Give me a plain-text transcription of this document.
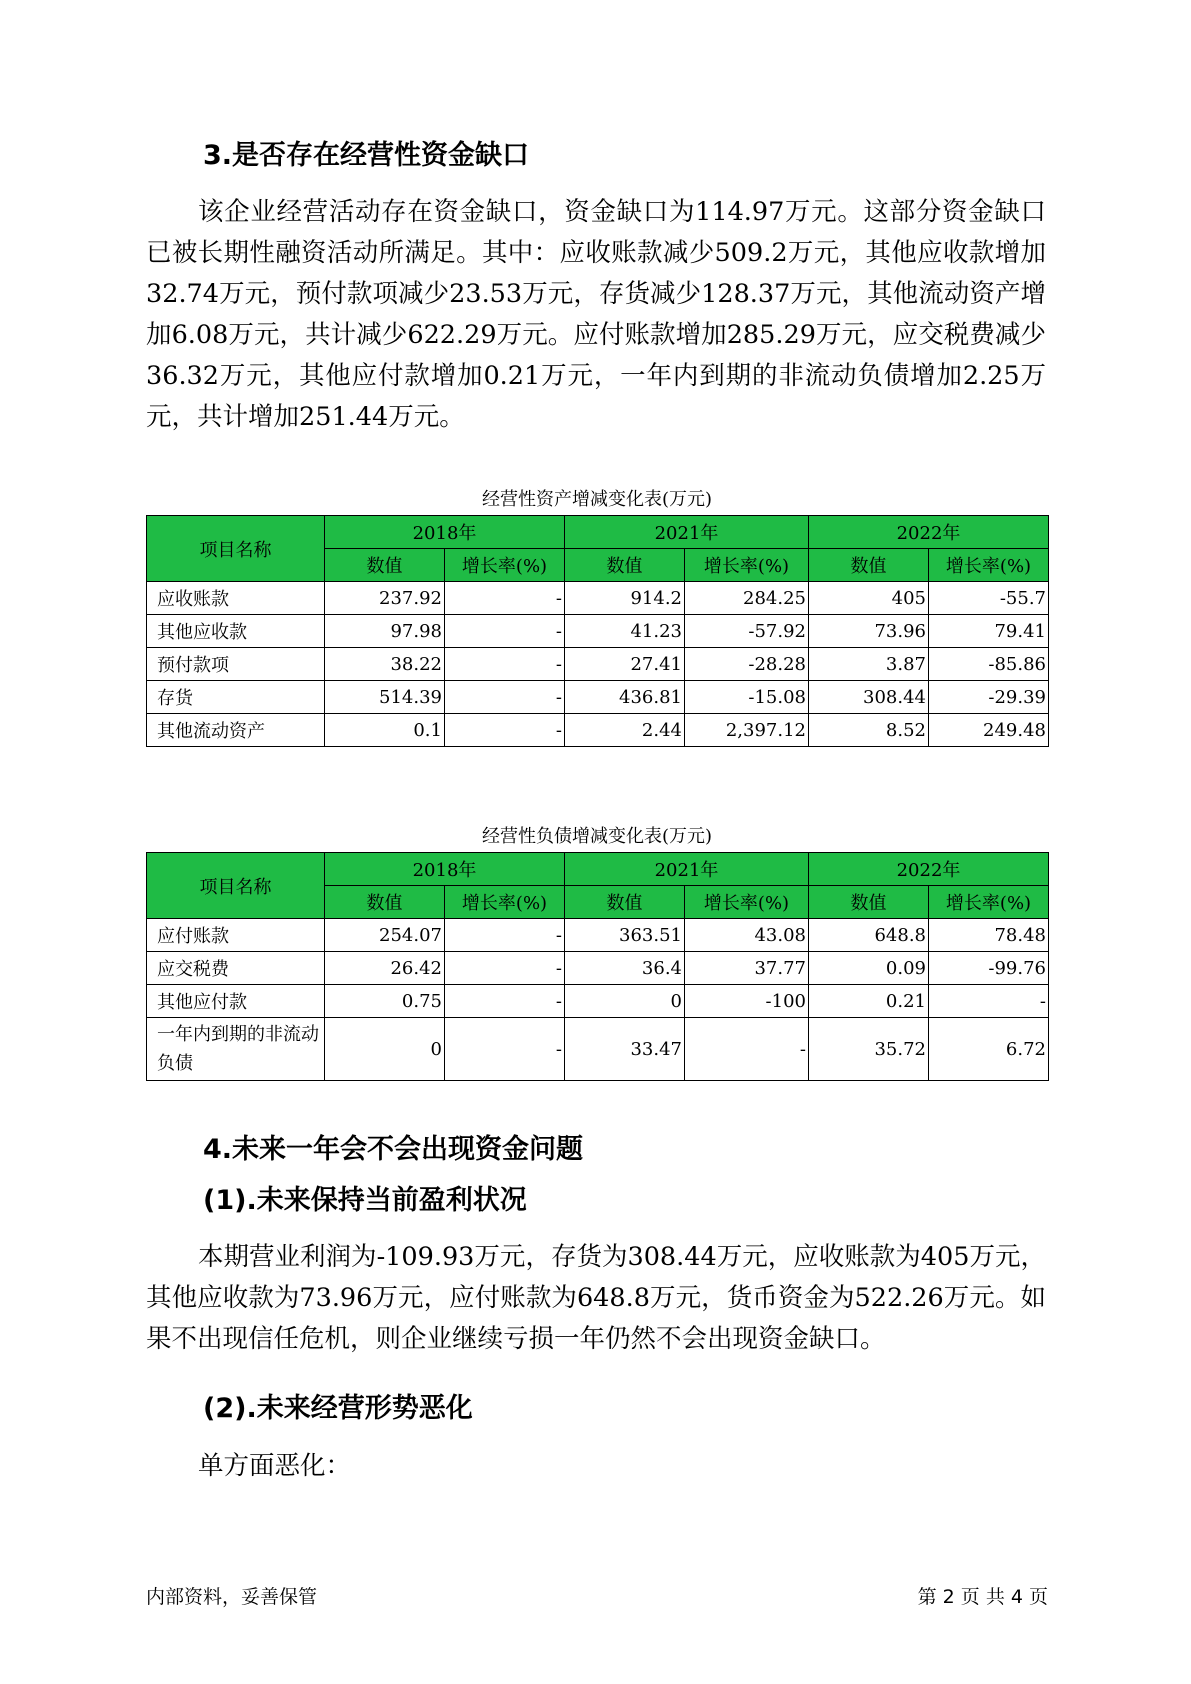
3.是否存在经营性资金缺口

该企业经营活动存在资金缺口，资金缺口为114.97万元。这部分资金缺口已被长期性融资活动所满足。其中：应收账款减少509.2万元，其他应收款增加32.74万元，预付款项减少23.53万元，存货减少128.37万元，其他流动资产增加6.08万元，共计减少622.29万元。应付账款增加285.29万元，应交税费减少36.32万元，其他应付款增加0.21万元，一年内到期的非流动负债增加2.25万元，共计增加251.44万元。

经营性资产增减变化表(万元)
项目名称	2018年		2021年		2022年	
	数值	增长率(%)	数值	增长率(%)	数值	增长率(%)
应收账款	237.92	-	914.2	284.25	405	-55.7
其他应收款	97.98	-	41.23	-57.92	73.96	79.41
预付款项	38.22	-	27.41	-28.28	3.87	-85.86
存货	514.39	-	436.81	-15.08	308.44	-29.39
其他流动资产	0.1	-	2.44	2,397.12	8.52	249.48
经营性负债增减变化表(万元)
项目名称	2018年		2021年		2022年	
	数值	增长率(%)	数值	增长率(%)	数值	增长率(%)
应付账款	254.07	-	363.51	43.08	648.8	78.48
应交税费	26.42	-	36.4	37.77	0.09	-99.76
其他应付款	0.75	-	0	-100	0.21	-
一年内到期的非流动负债	0	-	33.47	-	35.72	6.72
4.未来一年会不会出现资金问题
(1).未来保持当前盈利状况

本期营业利润为-109.93万元，存货为308.44万元，应收账款为405万元，其他应收款为73.96万元，应付账款为648.8万元，货币资金为522.26万元。如果不出现信任危机，则企业继续亏损一年仍然不会出现资金缺口。

(2).未来经营形势恶化

单方面恶化：

内部资料，妥善保管	第 2 页 共 4 页
